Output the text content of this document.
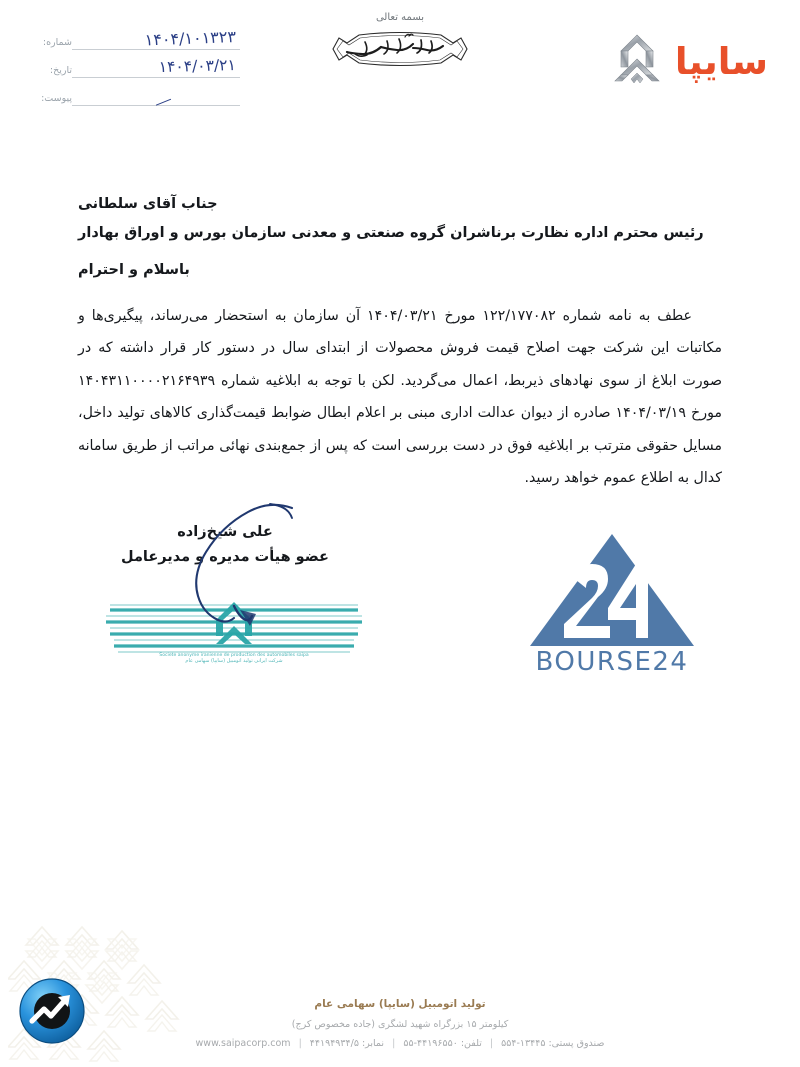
شماره:	۱۴۰۴/۱۰۱۳۲۳
تاریخ:	۱۴۰۴/۰۳/۲۱
پیوست:
بسمه تعالی
سایپا
جناب آقای سلطانی
رئیس محترم اداره نظارت برناشران گروه صنعتی و معدنی سازمان بورس و اوراق بهادار
باسلام و احترام
عطف به نامه شماره ۱۲۲/۱۷۷۰۸۲ مورخ ۱۴۰۴/۰۳/۲۱ آن سازمان به استحضار می‌رساند، پیگیری‌ها و مکاتبات این شرکت جهت اصلاح قیمت فروش محصولات از ابتدای سال در دستور کار قرار داشته که در صورت ابلاغ از سوی نهادهای ذیربط، اعمال می‌گردید. لکن با توجه به ابلاغیه شماره ۱۴۰۴۳۱۱۰۰۰۰۲۱۶۴۹۳۹ مورخ ۱۴۰۴/۰۳/۱۹ صادره از دیوان عدالت اداری مبنی بر اعلام ابطال ضوابط قیمت‌گذاری کالاهای تولید داخل، مسایل حقوقی مترتب بر ابلاغیه فوق در دست بررسی است که پس از جمع‌بندی نهائی مراتب از طریق سامانه کدال به اطلاع عموم خواهد رسید.
BOURSE24
علی شیخ‌زاده
عضو هیأت مدیره و مدیرعامل
Societe anonyme iranienne de production des automobiles saipa
شرکت ایرانی تولید اتومبیل (سایپا) سهامی عام
تولید اتومبیل (سایپا) سهامی عام
کیلومتر ۱۵ بزرگراه شهید لشگری (جاده مخصوص کرج)
صندوق پستی: ۱۳۴۴۵-۵۵۴ | تلفن: ۴۴۱۹۶۵۵۰-۵۵ | نمابر: ۴۴۱۹۴۹۳۴/۵ | www.saipacorp.com
